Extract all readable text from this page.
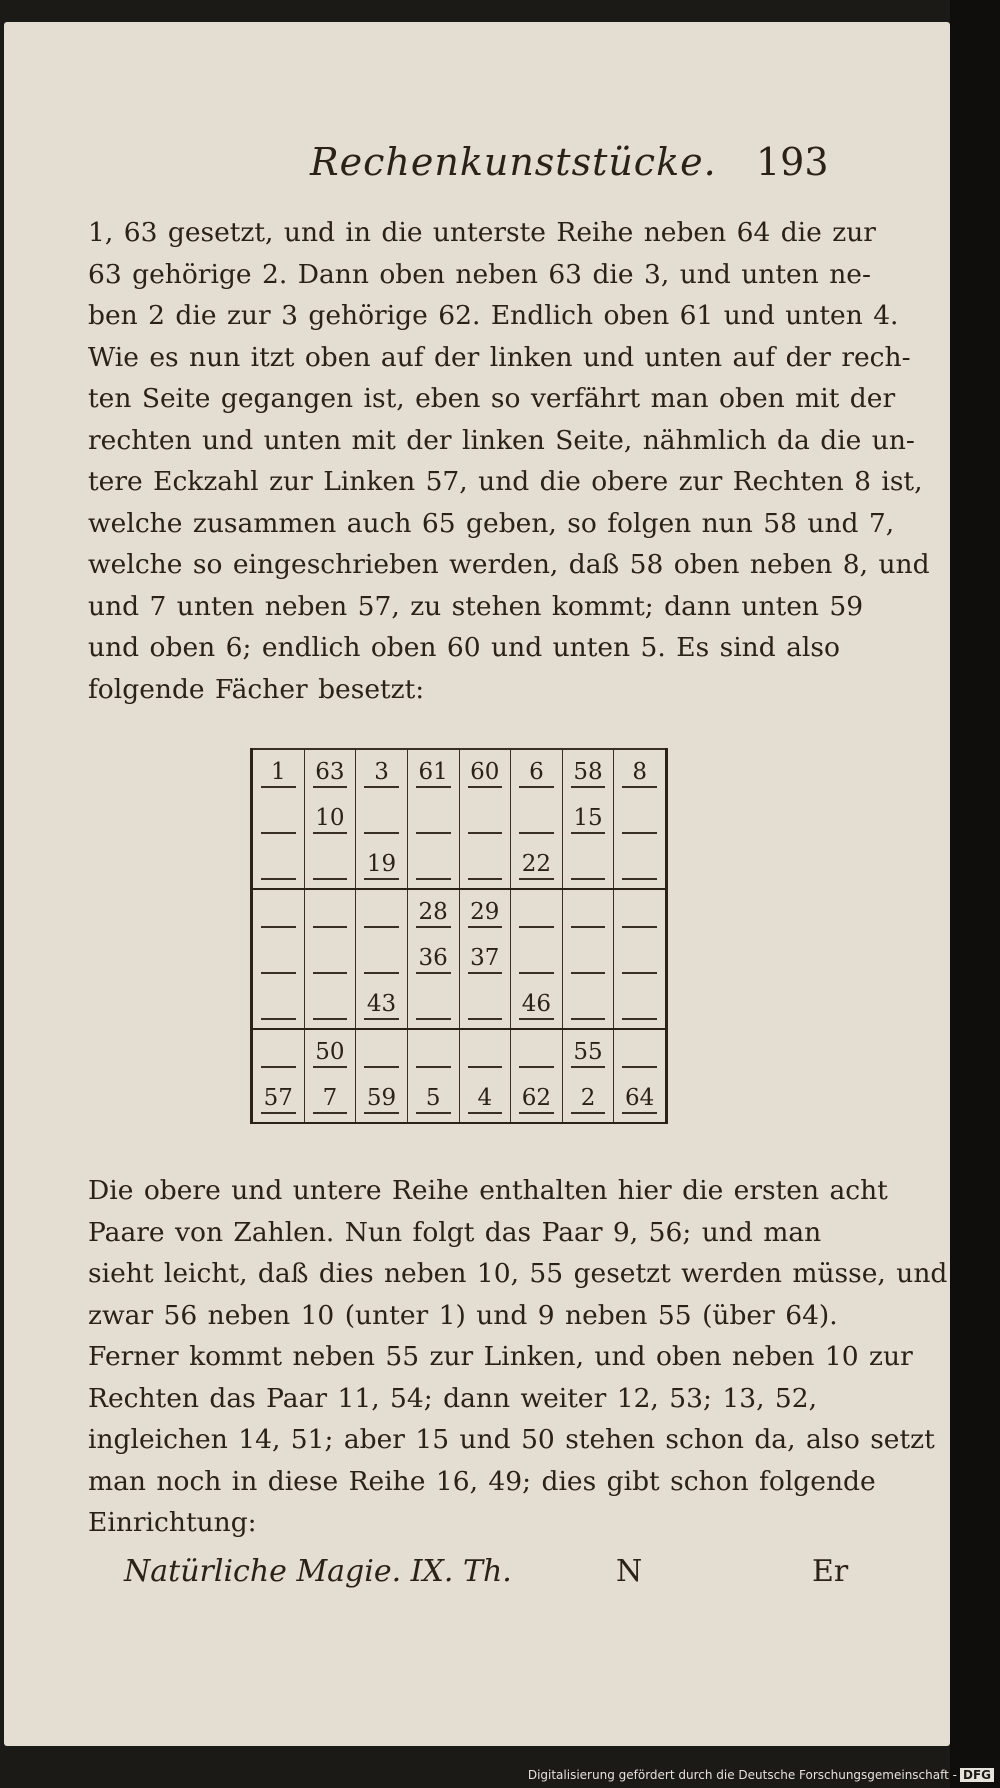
Rechenkunststücke. 193

1, 63 gesetzt, und in die unterste Reihe neben 64 die zur

63 gehörige 2. Dann oben neben 63 die 3, und unten ne-

ben 2 die zur 3 gehörige 62. Endlich oben 61 und unten 4.

Wie es nun itzt oben auf der linken und unten auf der rech-

ten Seite gegangen ist, eben so verfährt man oben mit der

rechten und unten mit der linken Seite, nähmlich da die un-

tere Eckzahl zur Linken 57, und die obere zur Rechten 8 ist,

welche zusammen auch 65 geben, so folgen nun 58 und 7,

welche so eingeschrieben werden, daß 58 oben neben 8, und

und 7 unten neben 57, zu stehen kommt; dann unten 59

und oben 6; endlich oben 60 und unten 5. Es sind also

folgende Fächer besetzt:

1	63	3	61	60	6	58	8

	10					15	

		19			22		

			28	29			

			36	37			

		43			46		

	50					55	

57	7	59	5	4	62	2	64

Die obere und untere Reihe enthalten hier die ersten acht

Paare von Zahlen. Nun folgt das Paar 9, 56; und man

sieht leicht, daß dies neben 10, 55 gesetzt werden müsse, und

zwar 56 neben 10 (unter 1) und 9 neben 55 (über 64).

Ferner kommt neben 55 zur Linken, und oben neben 10 zur

Rechten das Paar 11, 54; dann weiter 12, 53; 13, 52,

ingleichen 14, 51; aber 15 und 50 stehen schon da, also setzt

man noch in diese Reihe 16, 49; dies gibt schon folgende

Einrichtung:

Natürliche Magie. IX. Th.	N	Er
Digitalisierung gefördert durch die Deutsche Forschungsgemeinschaft - DFG
